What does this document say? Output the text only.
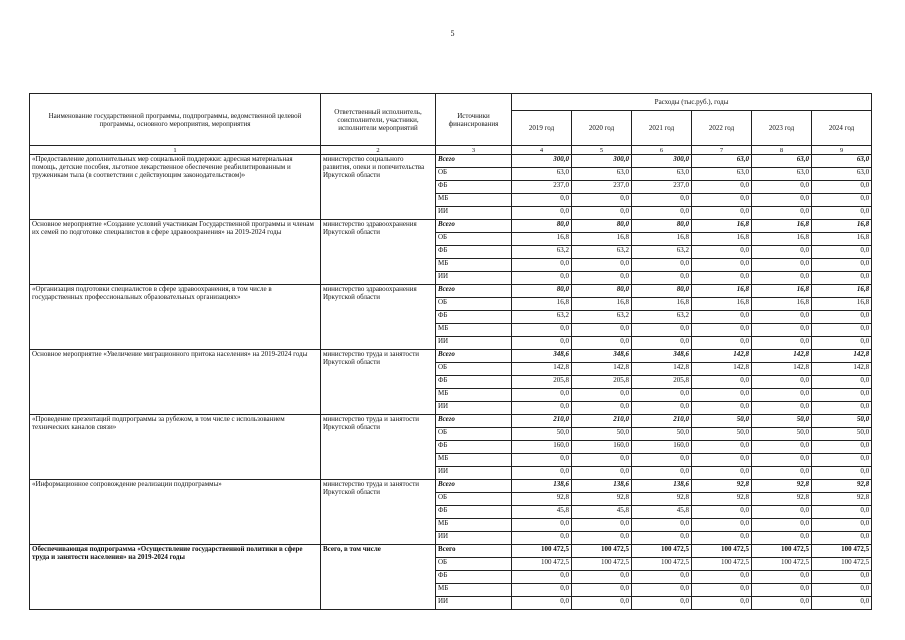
5
Наименование государственной программы, подпрограммы, ведомственной целевой программы, основного мероприятия, мероприятия	Ответственный исполнитель, соисполнители, участники, исполнители мероприятий	Источники финансирования	Расходы (тыс.руб.), годы					
			2019 год	2020 год	2021 год	2022 год	2023 год	2024 год
1	2	3	4	5	6	7	8	9
«Предоставление дополнительных мер социальной поддержки: адресная материальная помощь, детские пособия, льготное лекарственное обеспечение реабилитированным и труженикам тыла (в соответствии с действующим законодательством)»	министерство социального развития, опеки и попечительства Иркутской области	Всего	300,0	300,0	300,0	63,0	63,0	63,0
		ОБ	63,0	63,0	63,0	63,0	63,0	63,0
		ФБ	237,0	237,0	237,0	0,0	0,0	0,0
		МБ	0,0	0,0	0,0	0,0	0,0	0,0
		ИИ	0,0	0,0	0,0	0,0	0,0	0,0
Основное мероприятие «Создание условий участникам Государственной программы и членам их семей по подготовке специалистов в сфере здравоохранения» на 2019-2024 годы	министерство здравоохранения Иркутской области	Всего	80,0	80,0	80,0	16,8	16,8	16,8
		ОБ	16,8	16,8	16,8	16,8	16,8	16,8
		ФБ	63,2	63,2	63,2	0,0	0,0	0,0
		МБ	0,0	0,0	0,0	0,0	0,0	0,0
		ИИ	0,0	0,0	0,0	0,0	0,0	0,0
«Организация подготовки специалистов в сфере здравоохранения, в том числе в государственных профессиональных образовательных организациях»	министерство здравоохранения Иркутской области	Всего	80,0	80,0	80,0	16,8	16,8	16,8
		ОБ	16,8	16,8	16,8	16,8	16,8	16,8
		ФБ	63,2	63,2	63,2	0,0	0,0	0,0
		МБ	0,0	0,0	0,0	0,0	0,0	0,0
		ИИ	0,0	0,0	0,0	0,0	0,0	0,0
Основное мероприятие «Увеличение миграционного притока населения» на 2019-2024 годы	министерство труда и занятости Иркутской области	Всего	348,6	348,6	348,6	142,8	142,8	142,8
		ОБ	142,8	142,8	142,8	142,8	142,8	142,8
		ФБ	205,8	205,8	205,8	0,0	0,0	0,0
		МБ	0,0	0,0	0,0	0,0	0,0	0,0
		ИИ	0,0	0,0	0,0	0,0	0,0	0,0
«Проведение презентаций подпрограммы за рубежом, в том числе с использованием технических каналов связи»	министерство труда и занятости Иркутской области	Всего	210,0	210,0	210,0	50,0	50,0	50,0
		ОБ	50,0	50,0	50,0	50,0	50,0	50,0
		ФБ	160,0	160,0	160,0	0,0	0,0	0,0
		МБ	0,0	0,0	0,0	0,0	0,0	0,0
		ИИ	0,0	0,0	0,0	0,0	0,0	0,0
«Информационное сопровождение реализации подпрограммы»	министерство труда и занятости Иркутской области	Всего	138,6	138,6	138,6	92,8	92,8	92,8
		ОБ	92,8	92,8	92,8	92,8	92,8	92,8
		ФБ	45,8	45,8	45,8	0,0	0,0	0,0
		МБ	0,0	0,0	0,0	0,0	0,0	0,0
		ИИ	0,0	0,0	0,0	0,0	0,0	0,0
Обеспечивающая подпрограмма «Осуществление государственной политики в сфере труда и занятости населения» на 2019-2024 годы	Всего, в том числе	Всего	100 472,5	100 472,5	100 472,5	100 472,5	100 472,5	100 472,5
		ОБ	100 472,5	100 472,5	100 472,5	100 472,5	100 472,5	100 472,5
		ФБ	0,0	0,0	0,0	0,0	0,0	0,0
		МБ	0,0	0,0	0,0	0,0	0,0	0,0
		ИИ	0,0	0,0	0,0	0,0	0,0	0,0
